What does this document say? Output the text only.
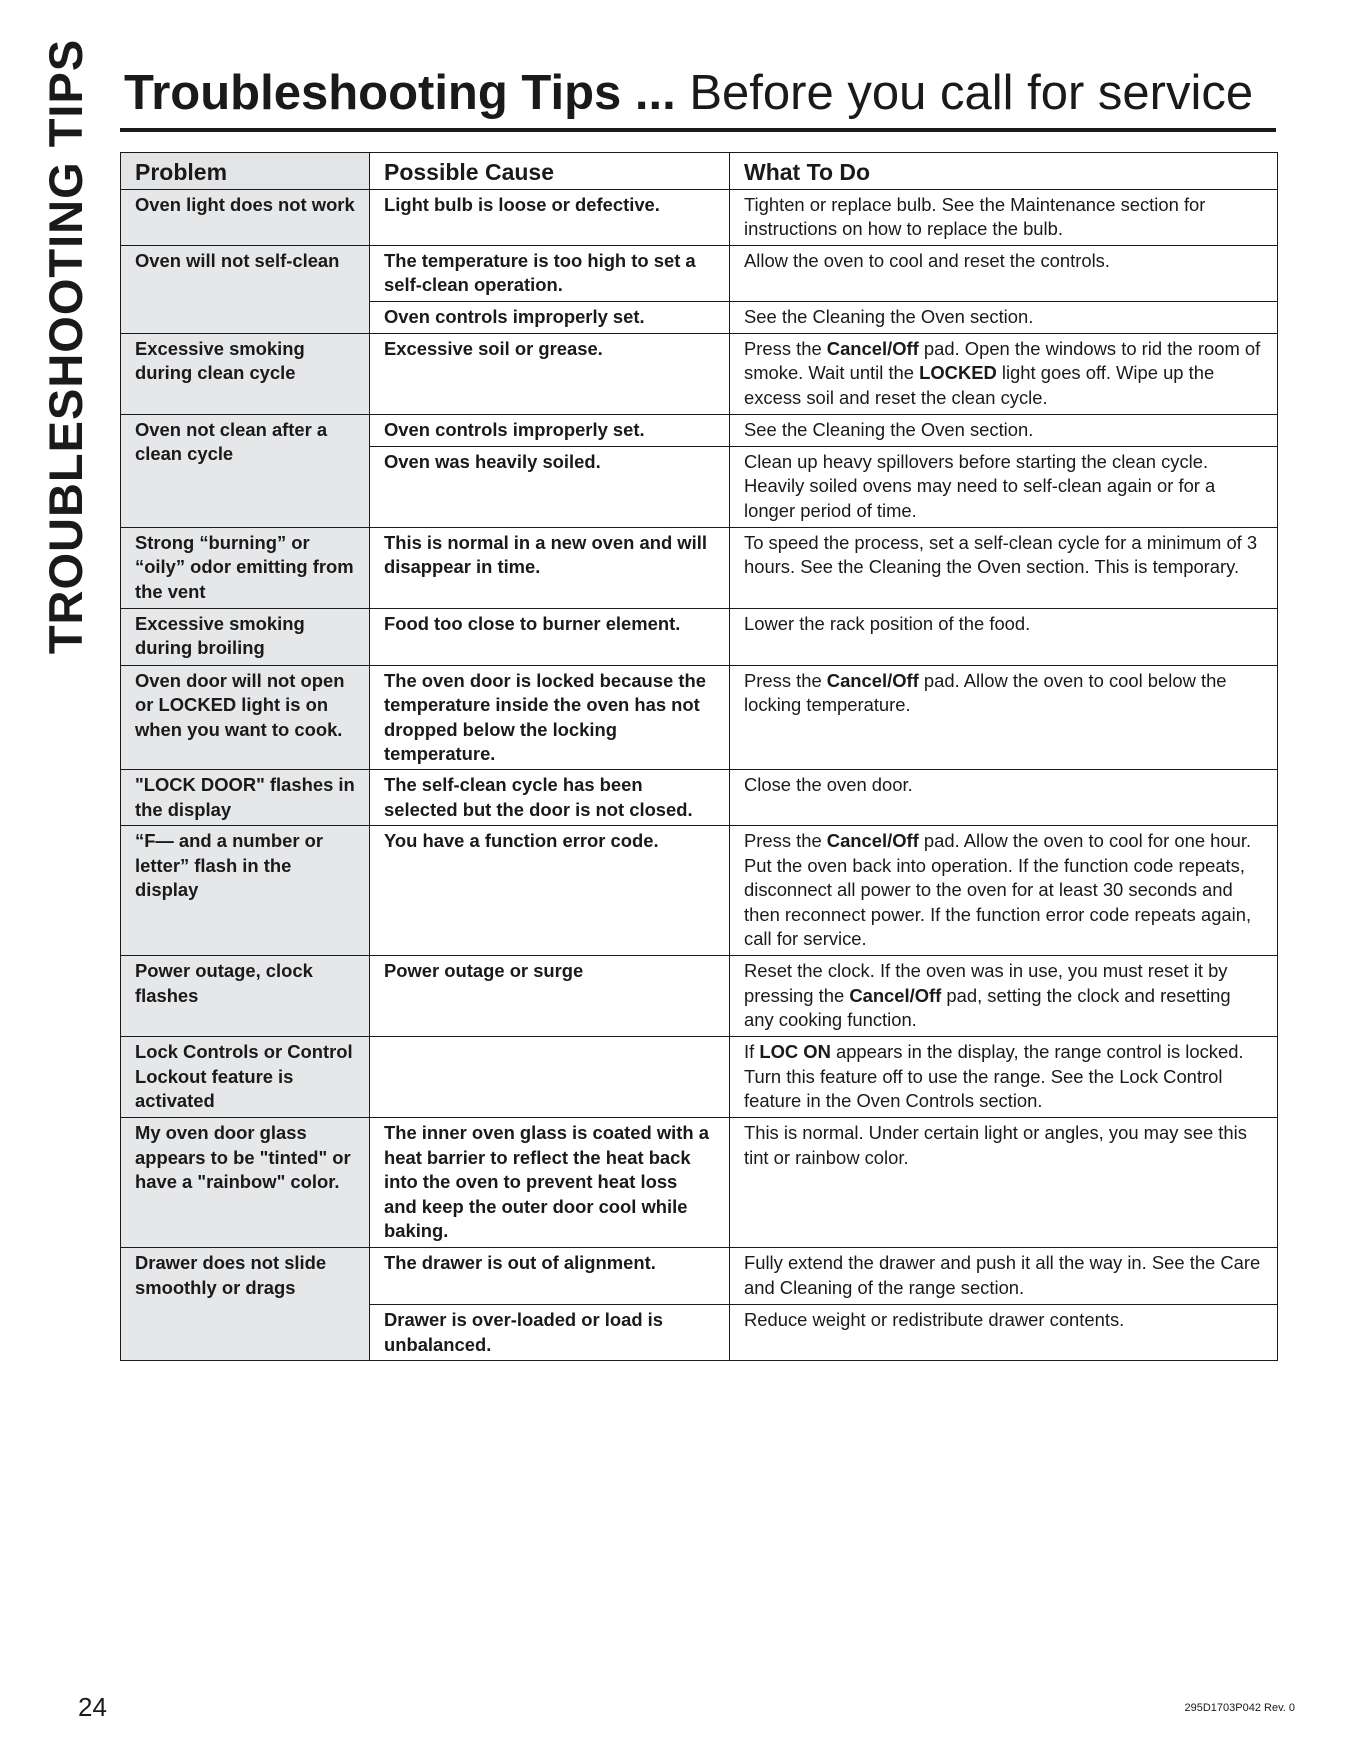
TROUBLESHOOTING TIPS Troubleshooting Tips ... Before you call for service
Problem	Possible Cause	What To Do
Oven light does not work	Light bulb is loose or defective.	Tighten or replace bulb. See the Maintenance section for instructions on how to replace the bulb.
Oven will not self-clean	The temperature is too high to set a self-clean operation.	Allow the oven to cool and reset the controls.
	Oven controls improperly set.	See the Cleaning the Oven section.
Excessive smoking during clean cycle	Excessive soil or grease.	Press the Cancel/Off pad. Open the windows to rid the room of smoke. Wait until the LOCKED light goes off. Wipe up the excess soil and reset the clean cycle.
Oven not clean after a clean cycle	Oven controls improperly set.	See the Cleaning the Oven section.
	Oven was heavily soiled.	Clean up heavy spillovers before starting the clean cycle. Heavily soiled ovens may need to self-clean again or for a longer period of time.
Strong “burning” or “oily” odor emitting from the vent	This is normal in a new oven and will disappear in time.	To speed the process, set a self-clean cycle for a minimum of 3 hours. See the Cleaning the Oven section. This is temporary.
Excessive smoking during broiling	Food too close to burner element.	Lower the rack position of the food.
Oven door will not open or LOCKED light is on when you want to cook.	The oven door is locked because the temperature inside the oven has not dropped below the locking temperature.	Press the Cancel/Off pad. Allow the oven to cool below the locking temperature.
"LOCK DOOR" flashes in the display	The self-clean cycle has been selected but the door is not closed.	Close the oven door.
“F— and a number or letter” flash in the display	You have a function error code.	Press the Cancel/Off pad. Allow the oven to cool for one hour. Put the oven back into operation. If the function code repeats, disconnect all power to the oven for at least 30 seconds and then reconnect power. If the function error code repeats again, call for service.
Power outage, clock flashes	Power outage or surge	Reset the clock. If the oven was in use, you must reset it by pressing the Cancel/Off pad, setting the clock and resetting any cooking function.
Lock Controls or Control Lockout feature is activated		If LOC ON appears in the display, the range control is locked. Turn this feature off to use the range. See the Lock Control feature in the Oven Controls section.
My oven door glass appears to be "tinted" or have a "rainbow" color.	The inner oven glass is coated with a heat barrier to reflect the heat back into the oven to prevent heat loss and keep the outer door cool while baking.	This is normal. Under certain light or angles, you may see this tint or rainbow color.
Drawer does not slide smoothly or drags	The drawer is out of alignment.	Fully extend the drawer and push it all the way in. See the Care and Cleaning of the range section.
	Drawer is over-loaded or load is unbalanced.	Reduce weight or redistribute drawer contents.
24	295D1703P042 Rev. 0
